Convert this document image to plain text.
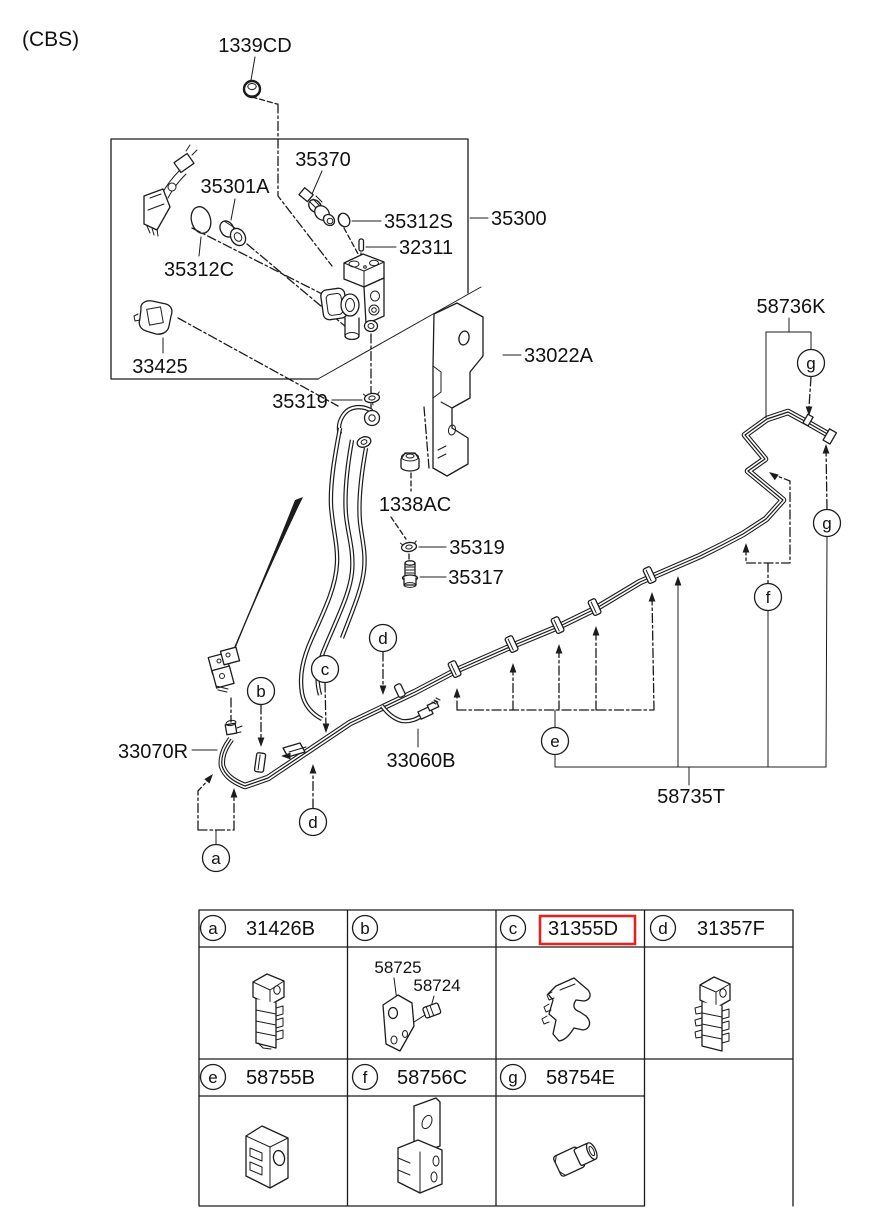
(CBS)	1339CD
35370
35301A
35312S 35300
32311
35312C
33425	33022A
35319
1338AC
35319
35317
58736K
33070R	33060B
58735T
a
b
c
d
d
e
f
g
g
a 31426B	b	c 31355D d 31357F
e 58755B	f 58756C g 58754E
58725
58724
